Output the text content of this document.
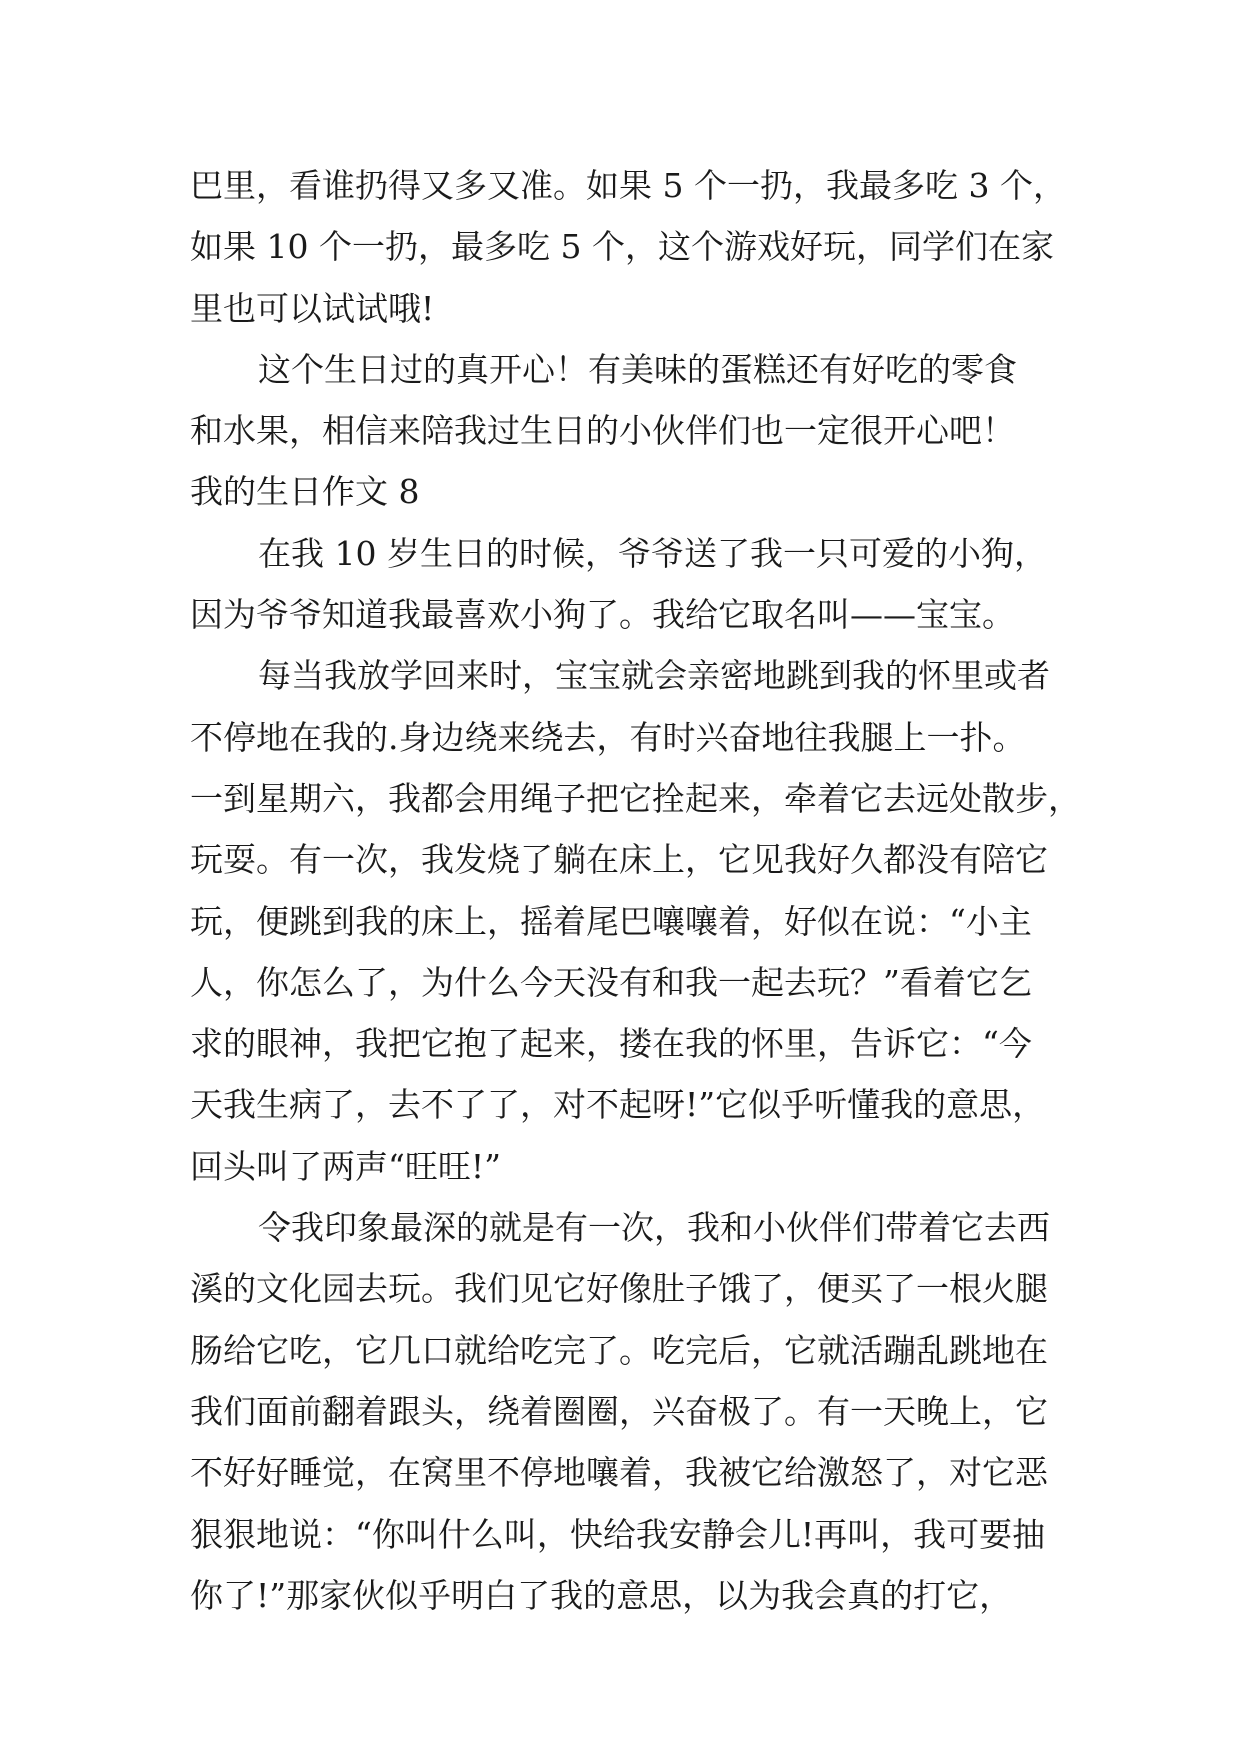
巴里，看谁扔得又多又准。如果 5 个一扔，我最多吃 3 个，
如果 10 个一扔，最多吃 5 个，这个游戏好玩，同学们在家
里也可以试试哦!
这个生日过的真开心！有美味的蛋糕还有好吃的零食
和水果，相信来陪我过生日的小伙伴们也一定很开心吧！
我的生日作文 8
在我 10 岁生日的时候，爷爷送了我一只可爱的小狗，
因为爷爷知道我最喜欢小狗了。我给它取名叫——宝宝。
每当我放学回来时，宝宝就会亲密地跳到我的怀里或者
不停地在我的.身边绕来绕去，有时兴奋地往我腿上一扑。
一到星期六，我都会用绳子把它拴起来，牵着它去远处散步，
玩耍。有一次，我发烧了躺在床上，它见我好久都没有陪它
玩，便跳到我的床上，摇着尾巴嚷嚷着，好似在说：“小主
人，你怎么了，为什么今天没有和我一起去玩？”看着它乞
求的眼神，我把它抱了起来，搂在我的怀里，告诉它：“今
天我生病了，去不了了，对不起呀!”它似乎听懂我的意思，
回头叫了两声“旺旺!”
令我印象最深的就是有一次，我和小伙伴们带着它去西
溪的文化园去玩。我们见它好像肚子饿了，便买了一根火腿
肠给它吃，它几口就给吃完了。吃完后，它就活蹦乱跳地在
我们面前翻着跟头，绕着圈圈，兴奋极了。有一天晚上，它
不好好睡觉，在窝里不停地嚷着，我被它给激怒了，对它恶
狠狠地说：“你叫什么叫，快给我安静会儿!再叫，我可要抽
你了!”那家伙似乎明白了我的意思，以为我会真的打它，
